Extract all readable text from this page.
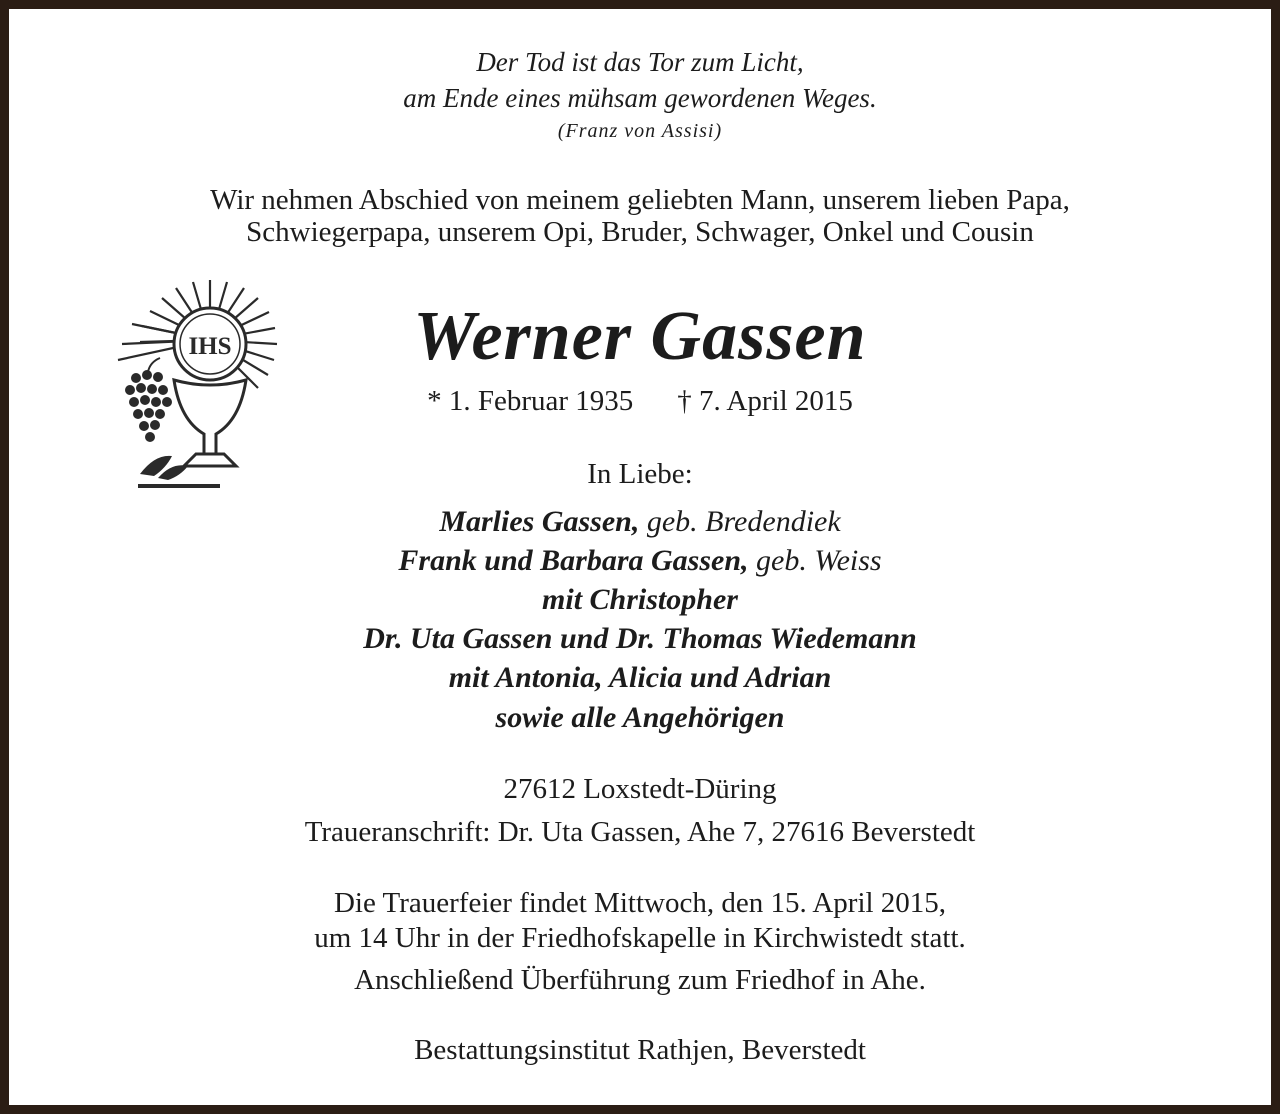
Der Tod ist das Tor zum Licht,
am Ende eines mühsam gewordenen Weges.
(Franz von Assisi)
Wir nehmen Abschied von meinem geliebten Mann, unserem lieben Papa,
Schwiegerpapa, unserem Opi, Bruder, Schwager, Onkel und Cousin
IHS	Werner Gassen
* 1. Februar 1935 † 7. April 2015
In Liebe:
Marlies Gassen, geb. Bredendiek
Frank und Barbara Gassen, geb. Weiss
mit Christopher
Dr. Uta Gassen und Dr. Thomas Wiedemann
mit Antonia, Alicia und Adrian
sowie alle Angehörigen
27612 Loxstedt-Düring
Traueranschrift: Dr. Uta Gassen, Ahe 7, 27616 Beverstedt
Die Trauerfeier findet Mittwoch, den 15. April 2015,
um 14 Uhr in der Friedhofskapelle in Kirchwistedt statt.
Anschließend Überführung zum Friedhof in Ahe.
Bestattungsinstitut Rathjen, Beverstedt
